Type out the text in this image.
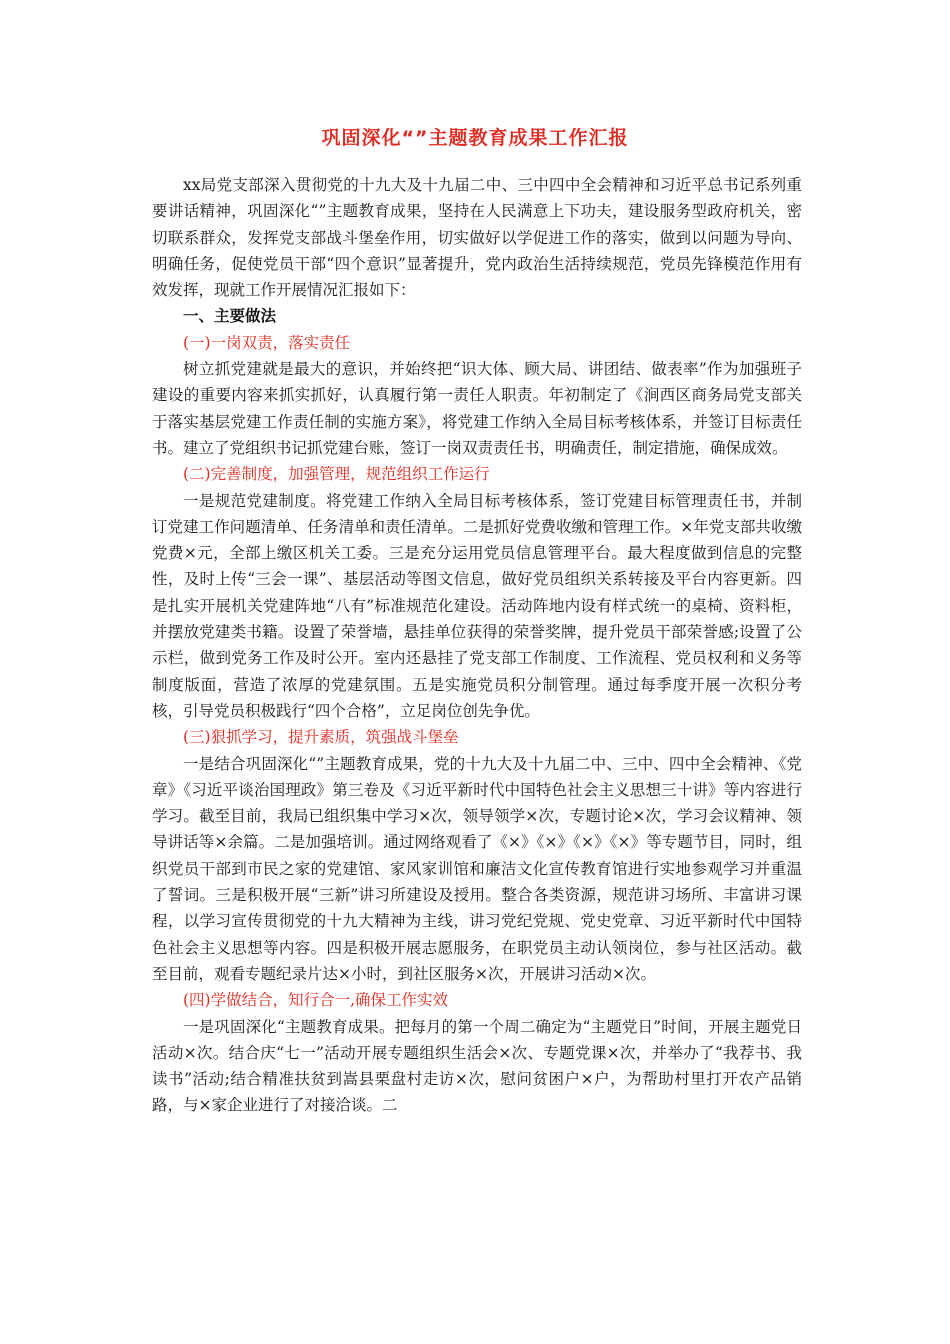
巩固深化“”主题教育成果工作汇报

xx局党支部深入贯彻党的十九大及十九届二中、三中四中全会精神和习近平总书记系列重要讲话精神，巩固深化“”主题教育成果，坚持在人民满意上下功夫，建设服务型政府机关，密切联系群众，发挥党支部战斗堡垒作用，切实做好以学促进工作的落实，做到以问题为导向、明确任务，促使党员干部“四个意识”显著提升，党内政治生活持续规范，党员先锋模范作用有效发挥，现就工作开展情况汇报如下：

一、主要做法
(一)一岗双责，落实责任

树立抓党建就是最大的意识，并始终把“识大体、顾大局、讲团结、做表率”作为加强班子建设的重要内容来抓实抓好，认真履行第一责任人职责。年初制定了《涧西区商务局党支部关于落实基层党建工作责任制的实施方案》，将党建工作纳入全局目标考核体系，并签订目标责任书。建立了党组织书记抓党建台账，签订一岗双责责任书，明确责任，制定措施，确保成效。

(二)完善制度，加强管理，规范组织工作运行

一是规范党建制度。将党建工作纳入全局目标考核体系，签订党建目标管理责任书，并制订党建工作问题清单、任务清单和责任清单。二是抓好党费收缴和管理工作。×年党支部共收缴党费×元，全部上缴区机关工委。三是充分运用党员信息管理平台。最大程度做到信息的完整性，及时上传“三会一课”、基层活动等图文信息，做好党员组织关系转接及平台内容更新。四是扎实开展机关党建阵地“八有”标准规范化建设。活动阵地内设有样式统一的桌椅、资料柜，并摆放党建类书籍。设置了荣誉墙，悬挂单位获得的荣誉奖牌，提升党员干部荣誉感;设置了公示栏，做到党务工作及时公开。室内还悬挂了党支部工作制度、工作流程、党员权利和义务等制度版面，营造了浓厚的党建氛围。五是实施党员积分制管理。通过每季度开展一次积分考核，引导党员积极践行“四个合格”，立足岗位创先争优。

(三)狠抓学习，提升素质，筑强战斗堡垒

一是结合巩固深化“”主题教育成果，党的十九大及十九届二中、三中、四中全会精神、《党章》《习近平谈治国理政》第三卷及《习近平新时代中国特色社会主义思想三十讲》等内容进行学习。截至目前，我局已组织集中学习×次，领导领学×次，专题讨论×次，学习会议精神、领导讲话等×余篇。二是加强培训。通过网络观看了《×》《×》《×》《×》等专题节目，同时，组织党员干部到市民之家的党建馆、家风家训馆和廉洁文化宣传教育馆进行实地参观学习并重温了誓词。三是积极开展“三新”讲习所建设及授用。整合各类资源，规范讲习场所、丰富讲习课程，以学习宣传贯彻党的十九大精神为主线，讲习党纪党规、党史党章、习近平新时代中国特色社会主义思想等内容。四是积极开展志愿服务，在职党员主动认领岗位，参与社区活动。截至目前，观看专题纪录片达×小时，到社区服务×次，开展讲习活动×次。

(四)学做结合，知行合一,确保工作实效

一是巩固深化“主题教育成果。把每月的第一个周二确定为“主题党日”时间，开展主题党日活动×次。结合庆“七一”活动开展专题组织生活会×次、专题党课×次，并举办了“我荐书、我读书”活动;结合精准扶贫到嵩县栗盘村走访×次，慰问贫困户×户，为帮助村里打开农产品销路，与×家企业进行了对接洽谈。二
